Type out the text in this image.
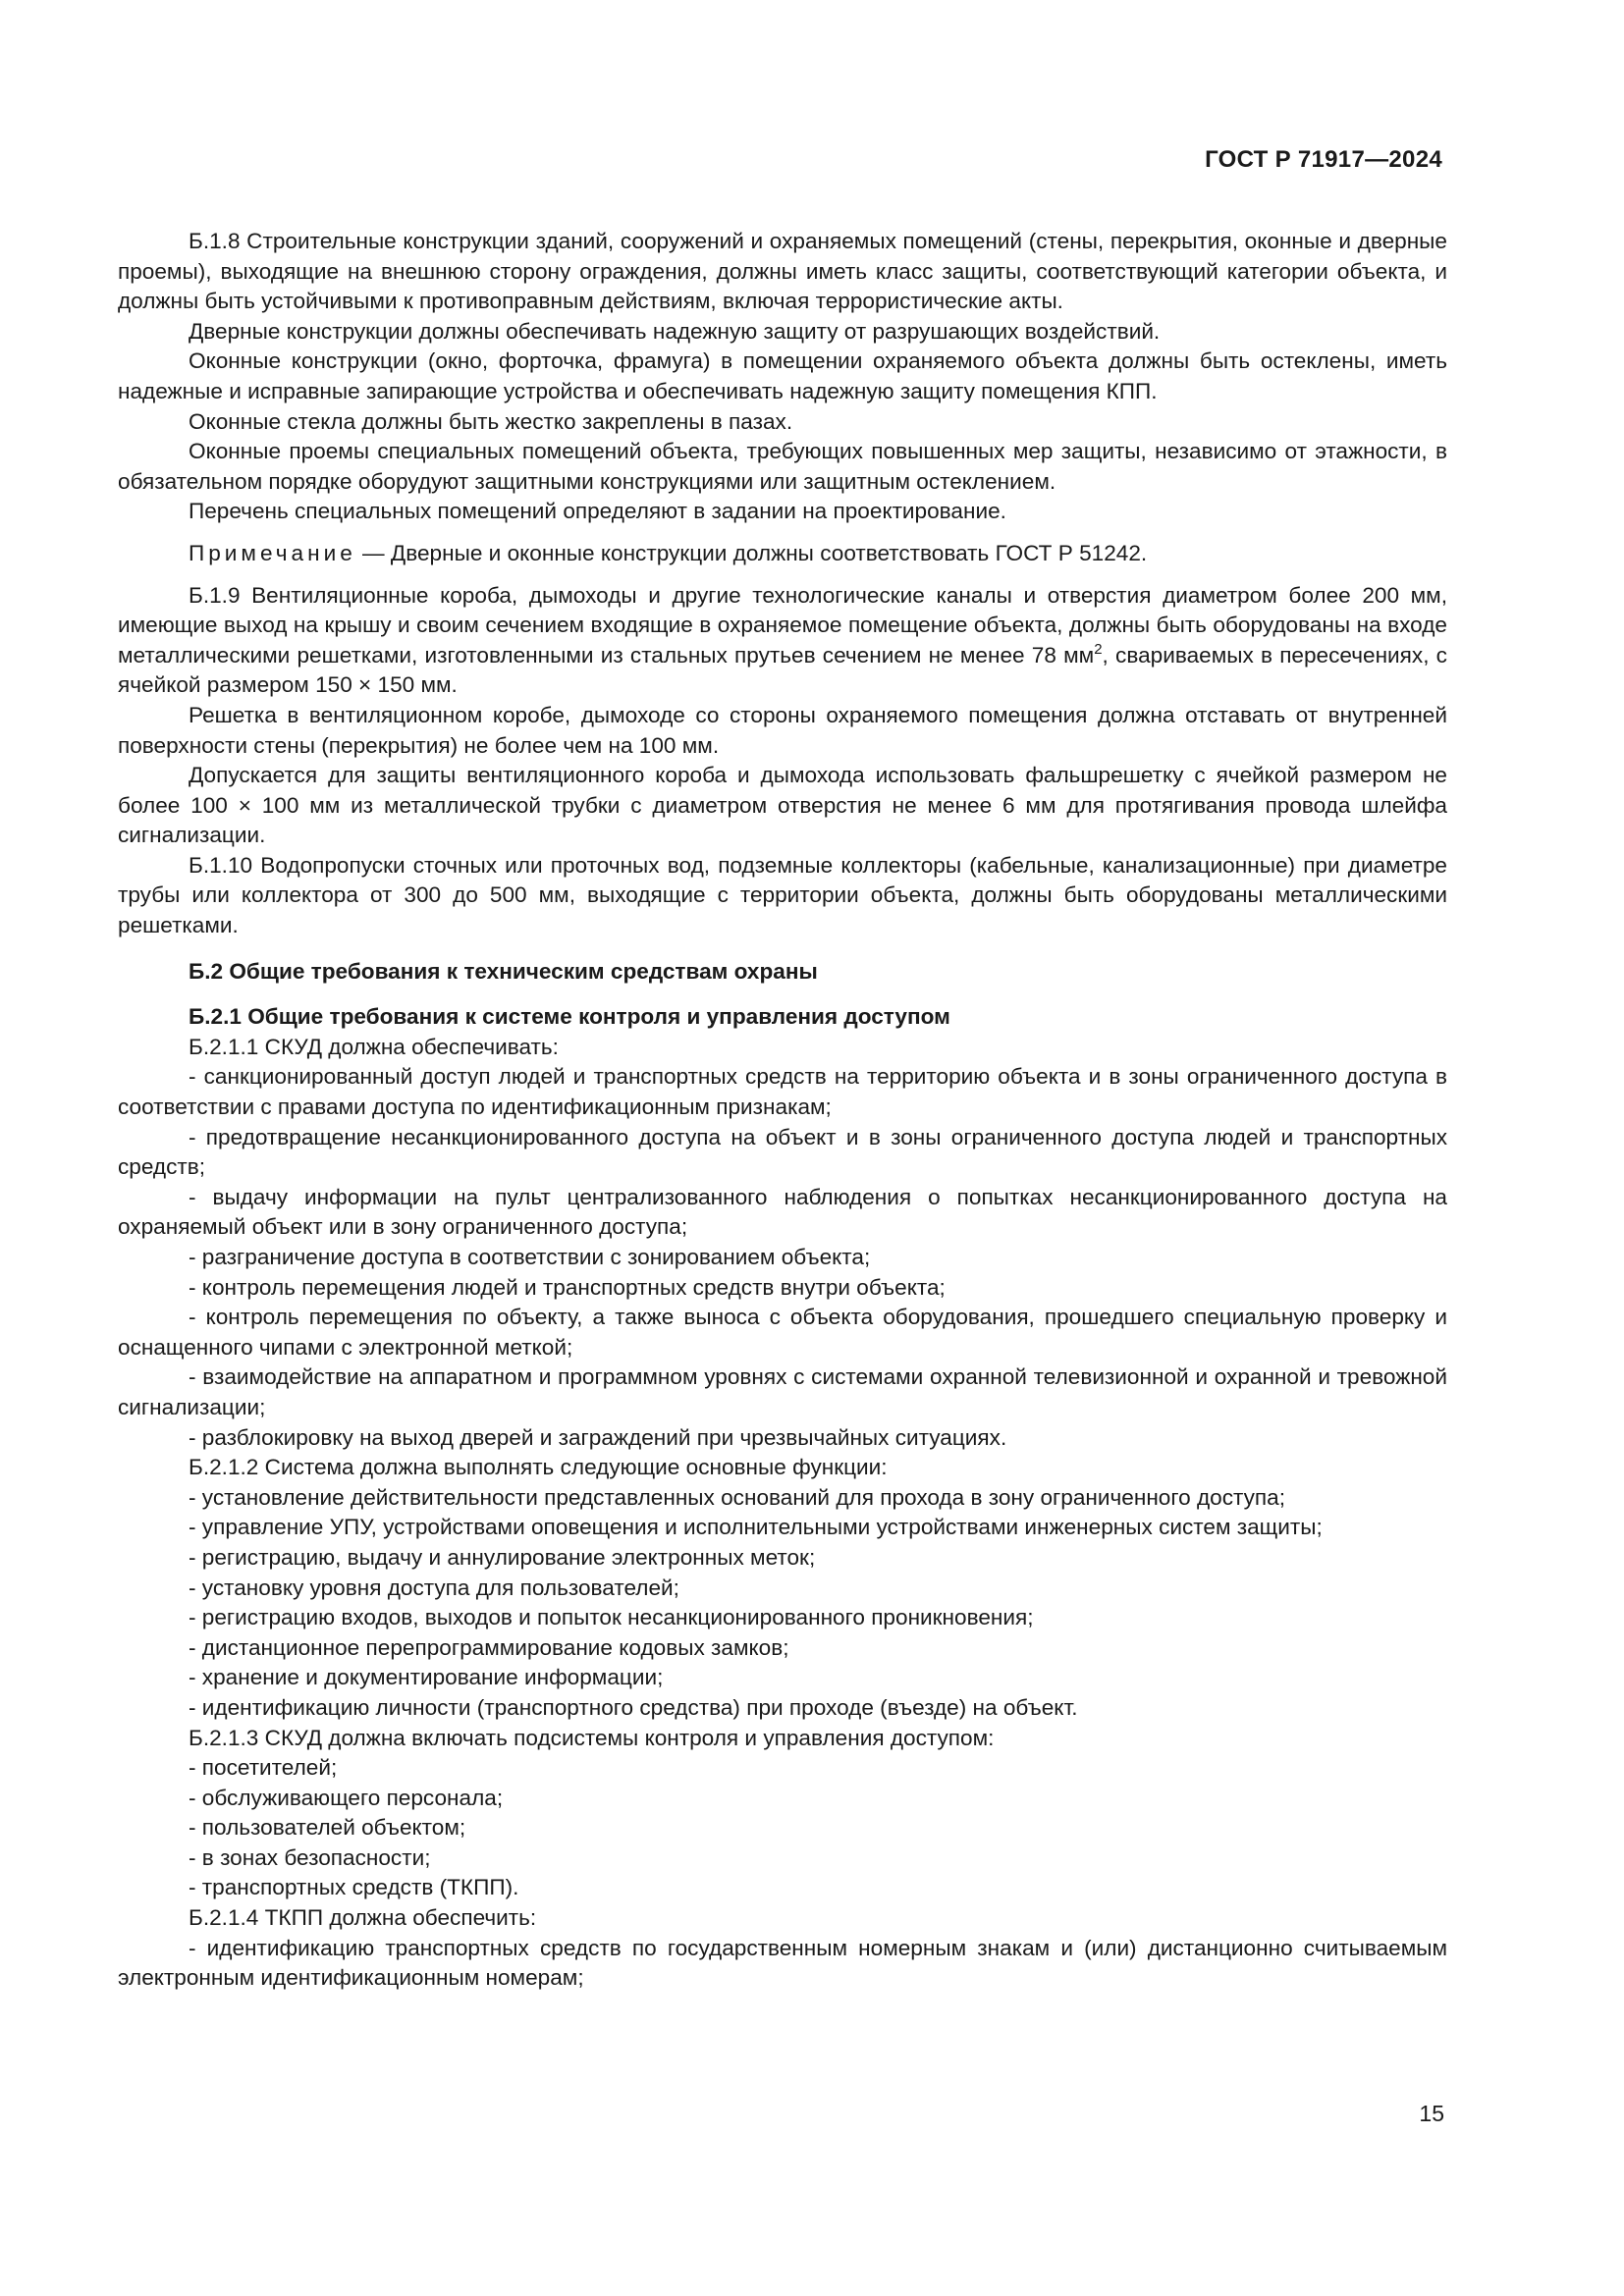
ГОСТ Р 71917—2024

Б.1.8 Строительные конструкции зданий, сооружений и охраняемых помещений (стены, перекрытия, оконные и дверные проемы), выходящие на внешнюю сторону ограждения, должны иметь класс защиты, соответствующий категории объекта, и должны быть устойчивыми к противоправным действиям, включая террористические акты.

Дверные конструкции должны обеспечивать надежную защиту от разрушающих воздействий.

Оконные конструкции (окно, форточка, фрамуга) в помещении охраняемого объекта должны быть остеклены, иметь надежные и исправные запирающие устройства и обеспечивать надежную защиту помещения КПП.

Оконные стекла должны быть жестко закреплены в пазах.

Оконные проемы специальных помещений объекта, требующих повышенных мер защиты, независимо от этажности, в обязательном порядке оборудуют защитными конструкциями или защитным остеклением.

Перечень специальных помещений определяют в задании на проектирование.

Примечание — Дверные и оконные конструкции должны соответствовать ГОСТ Р 51242.

Б.1.9 Вентиляционные короба, дымоходы и другие технологические каналы и отверстия диаметром более 200 мм, имеющие выход на крышу и своим сечением входящие в охраняемое помещение объекта, должны быть оборудованы на входе металлическими решетками, изготовленными из стальных прутьев сечением не менее 78 $мм^2$, свариваемых в пересечениях, с ячейкой размером 150 × 150 мм.

Решетка в вентиляционном коробе, дымоходе со стороны охраняемого помещения должна отставать от внутренней поверхности стены (перекрытия) не более чем на 100 мм.

Допускается для защиты вентиляционного короба и дымохода использовать фальшрешетку с ячейкой размером не более 100 × 100 мм из металлической трубки с диаметром отверстия не менее 6 мм для протягивания провода шлейфа сигнализации.

Б.1.10 Водопропуски сточных или проточных вод, подземные коллекторы (кабельные, канализационные) при диаметре трубы или коллектора от 300 до 500 мм, выходящие с территории объекта, должны быть оборудованы металлическими решетками.

Б.2 Общие требования к техническим средствам охраны

Б.2.1 Общие требования к системе контроля и управления доступом

Б.2.1.1 СКУД должна обеспечивать:

- санкционированный доступ людей и транспортных средств на территорию объекта и в зоны ограниченного доступа в соответствии с правами доступа по идентификационным признакам;

- предотвращение несанкционированного доступа на объект и в зоны ограниченного доступа людей и транспортных средств;

- выдачу информации на пульт централизованного наблюдения о попытках несанкционированного доступа на охраняемый объект или в зону ограниченного доступа;

- разграничение доступа в соответствии с зонированием объекта;

- контроль перемещения людей и транспортных средств внутри объекта;

- контроль перемещения по объекту, а также выноса с объекта оборудования, прошедшего специальную проверку и оснащенного чипами с электронной меткой;

- взаимодействие на аппаратном и программном уровнях с системами охранной телевизионной и охранной и тревожной сигнализации;

- разблокировку на выход дверей и заграждений при чрезвычайных ситуациях.

Б.2.1.2 Система должна выполнять следующие основные функции:

- установление действительности представленных оснований для прохода в зону ограниченного доступа;

- управление УПУ, устройствами оповещения и исполнительными устройствами инженерных систем защиты;

- регистрацию, выдачу и аннулирование электронных меток;

- установку уровня доступа для пользователей;

- регистрацию входов, выходов и попыток несанкционированного проникновения;

- дистанционное перепрограммирование кодовых замков;

- хранение и документирование информации;

- идентификацию личности (транспортного средства) при проходе (въезде) на объект.

Б.2.1.3 СКУД должна включать подсистемы контроля и управления доступом:

- посетителей;

- обслуживающего персонала;

- пользователей объектом;

- в зонах безопасности;

- транспортных средств (ТКПП).

Б.2.1.4 ТКПП должна обеспечить:

- идентификацию транспортных средств по государственным номерным знакам и (или) дистанционно считываемым электронным идентификационным номерам;

15
